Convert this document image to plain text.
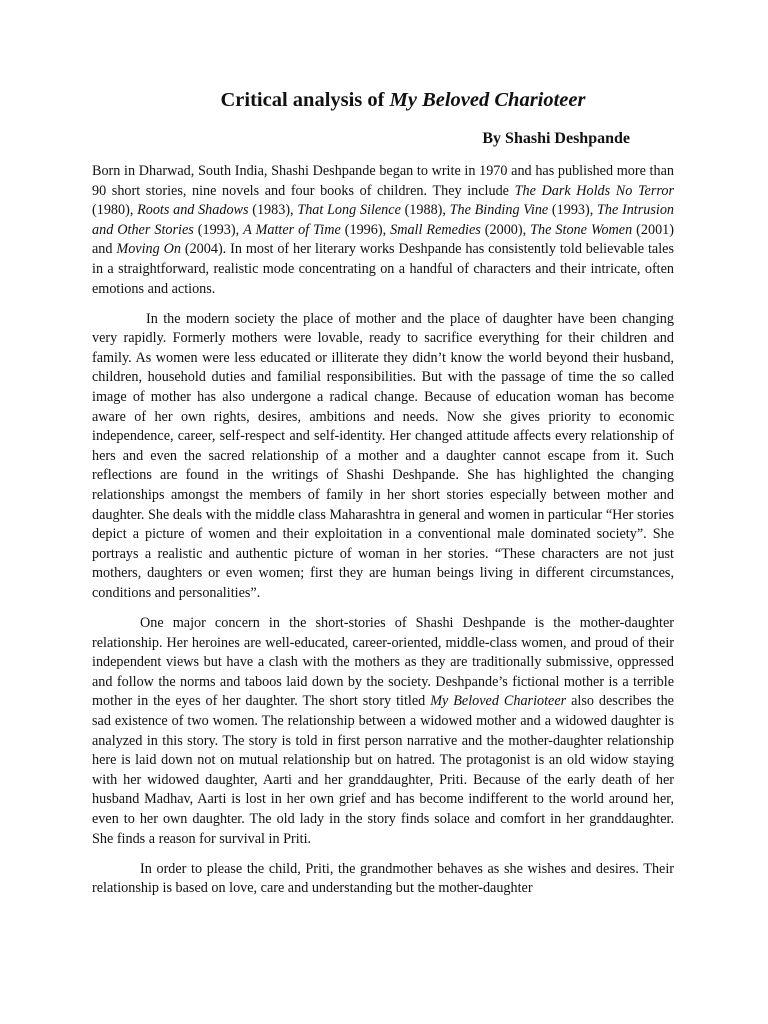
Critical analysis of My Beloved Charioteer

By Shashi Deshpande

Born in Dharwad, South India, Shashi Deshpande began to write in 1970 and has published more than 90 short stories, nine novels and four books of children. They include The Dark Holds No Terror (1980), Roots and Shadows (1983), That Long Silence (1988), The Binding Vine (1993), The Intrusion and Other Stories (1993), A Matter of Time (1996), Small Remedies (2000), The Stone Women (2001) and Moving On (2004). In most of her literary works Deshpande has consistently told believable tales in a straightforward, realistic mode concentrating on a handful of characters and their intricate, often emotions and actions.

In the modern society the place of mother and the place of daughter have been changing very rapidly. Formerly mothers were lovable, ready to sacrifice everything for their children and family. As women were less educated or illiterate they didn’t know the world beyond their husband, children, household duties and familial responsibilities. But with the passage of time the so called image of mother has also undergone a radical change. Because of education woman has become aware of her own rights, desires, ambitions and needs. Now she gives priority to economic independence, career, self-respect and self-identity. Her changed attitude affects every relationship of hers and even the sacred relationship of a mother and a daughter cannot escape from it. Such reflections are found in the writings of Shashi Deshpande. She has highlighted the changing relationships amongst the members of family in her short stories especially between mother and daughter. She deals with the middle class Maharashtra in general and women in particular “Her stories depict a picture of women and their exploitation in a conventional male dominated society”. She portrays a realistic and authentic picture of woman in her stories. “These characters are not just mothers, daughters or even women; first they are human beings living in different circumstances, conditions and personalities”.

One major concern in the short-stories of Shashi Deshpande is the mother-daughter relationship. Her heroines are well-educated, career-oriented, middle-class women, and proud of their independent views but have a clash with the mothers as they are traditionally submissive, oppressed and follow the norms and taboos laid down by the society. Deshpande’s fictional mother is a terrible mother in the eyes of her daughter. The short story titled My Beloved Charioteer also describes the sad existence of two women. The relationship between a widowed mother and a widowed daughter is analyzed in this story. The story is told in first person narrative and the mother-daughter relationship here is laid down not on mutual relationship but on hatred. The protagonist is an old widow staying with her widowed daughter, Aarti and her granddaughter, Priti. Because of the early death of her husband Madhav, Aarti is lost in her own grief and has become indifferent to the world around her, even to her own daughter. The old lady in the story finds solace and comfort in her granddaughter. She finds a reason for survival in Priti.

In order to please the child, Priti, the grandmother behaves as she wishes and desires. Their relationship is based on love, care and understanding but the mother-daughter
